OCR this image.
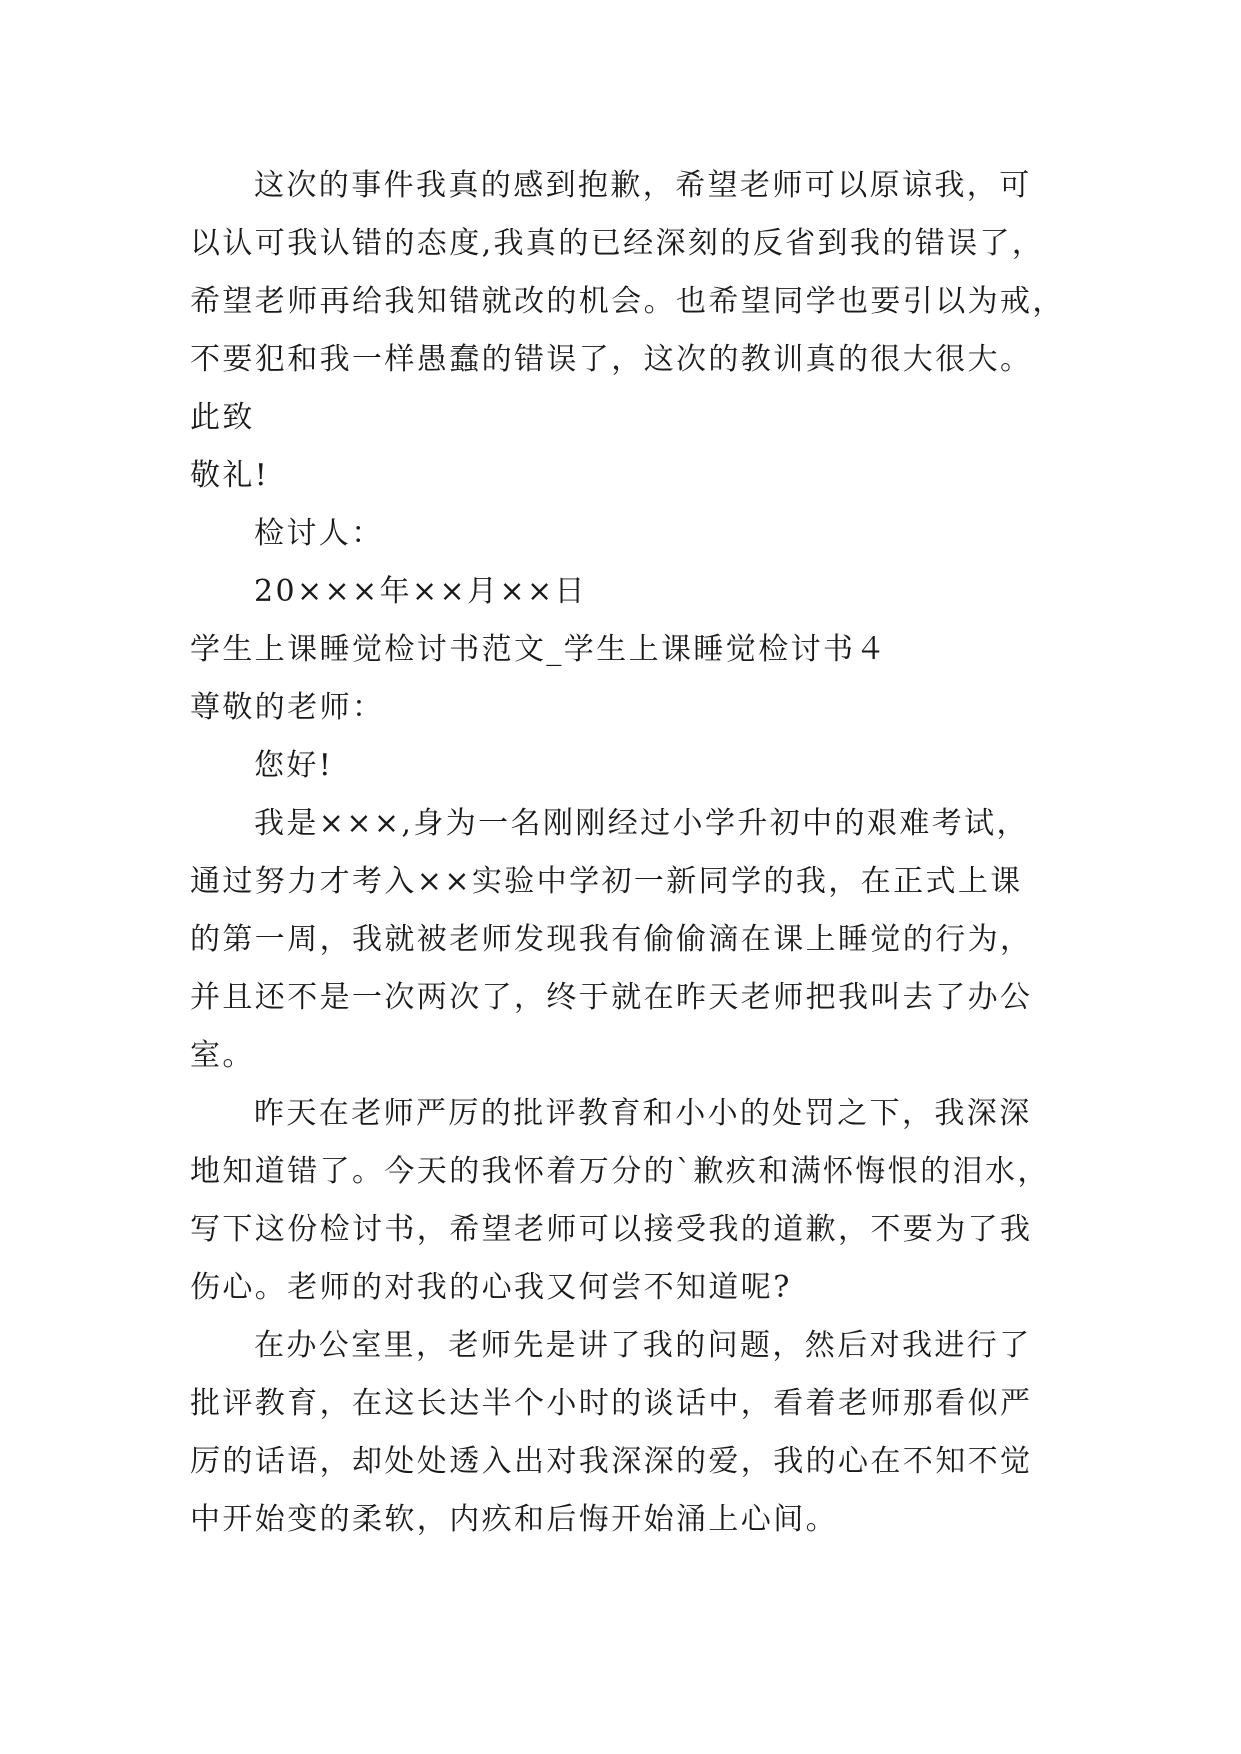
这次的事件我真的感到抱歉，希望老师可以原谅我，可
以认可我认错的态度,我真的已经深刻的反省到我的错误了，
希望老师再给我知错就改的机会。也希望同学也要引以为戒，
不要犯和我一样愚蠢的错误了，这次的教训真的很大很大。
此致
敬礼!
检讨人：
20×××年××月××日
学生上课睡觉检讨书范文_学生上课睡觉检讨书４
尊敬的老师：
您好!
我是×××,身为一名刚刚经过小学升初中的艰难考试，
通过努力才考入××实验中学初一新同学的我，在正式上课
的第一周，我就被老师发现我有偷偷滴在课上睡觉的行为，
并且还不是一次两次了，终于就在昨天老师把我叫去了办公
室。
昨天在老师严厉的批评教育和小小的处罚之下，我深深
地知道错了。今天的我怀着万分的`歉疚和满怀悔恨的泪水，
写下这份检讨书，希望老师可以接受我的道歉，不要为了我
伤心。老师的对我的心我又何尝不知道呢?
在办公室里，老师先是讲了我的问题，然后对我进行了
批评教育，在这长达半个小时的谈话中，看着老师那看似严
厉的话语，却处处透入出对我深深的爱，我的心在不知不觉
中开始变的柔软，内疚和后悔开始涌上心间。
